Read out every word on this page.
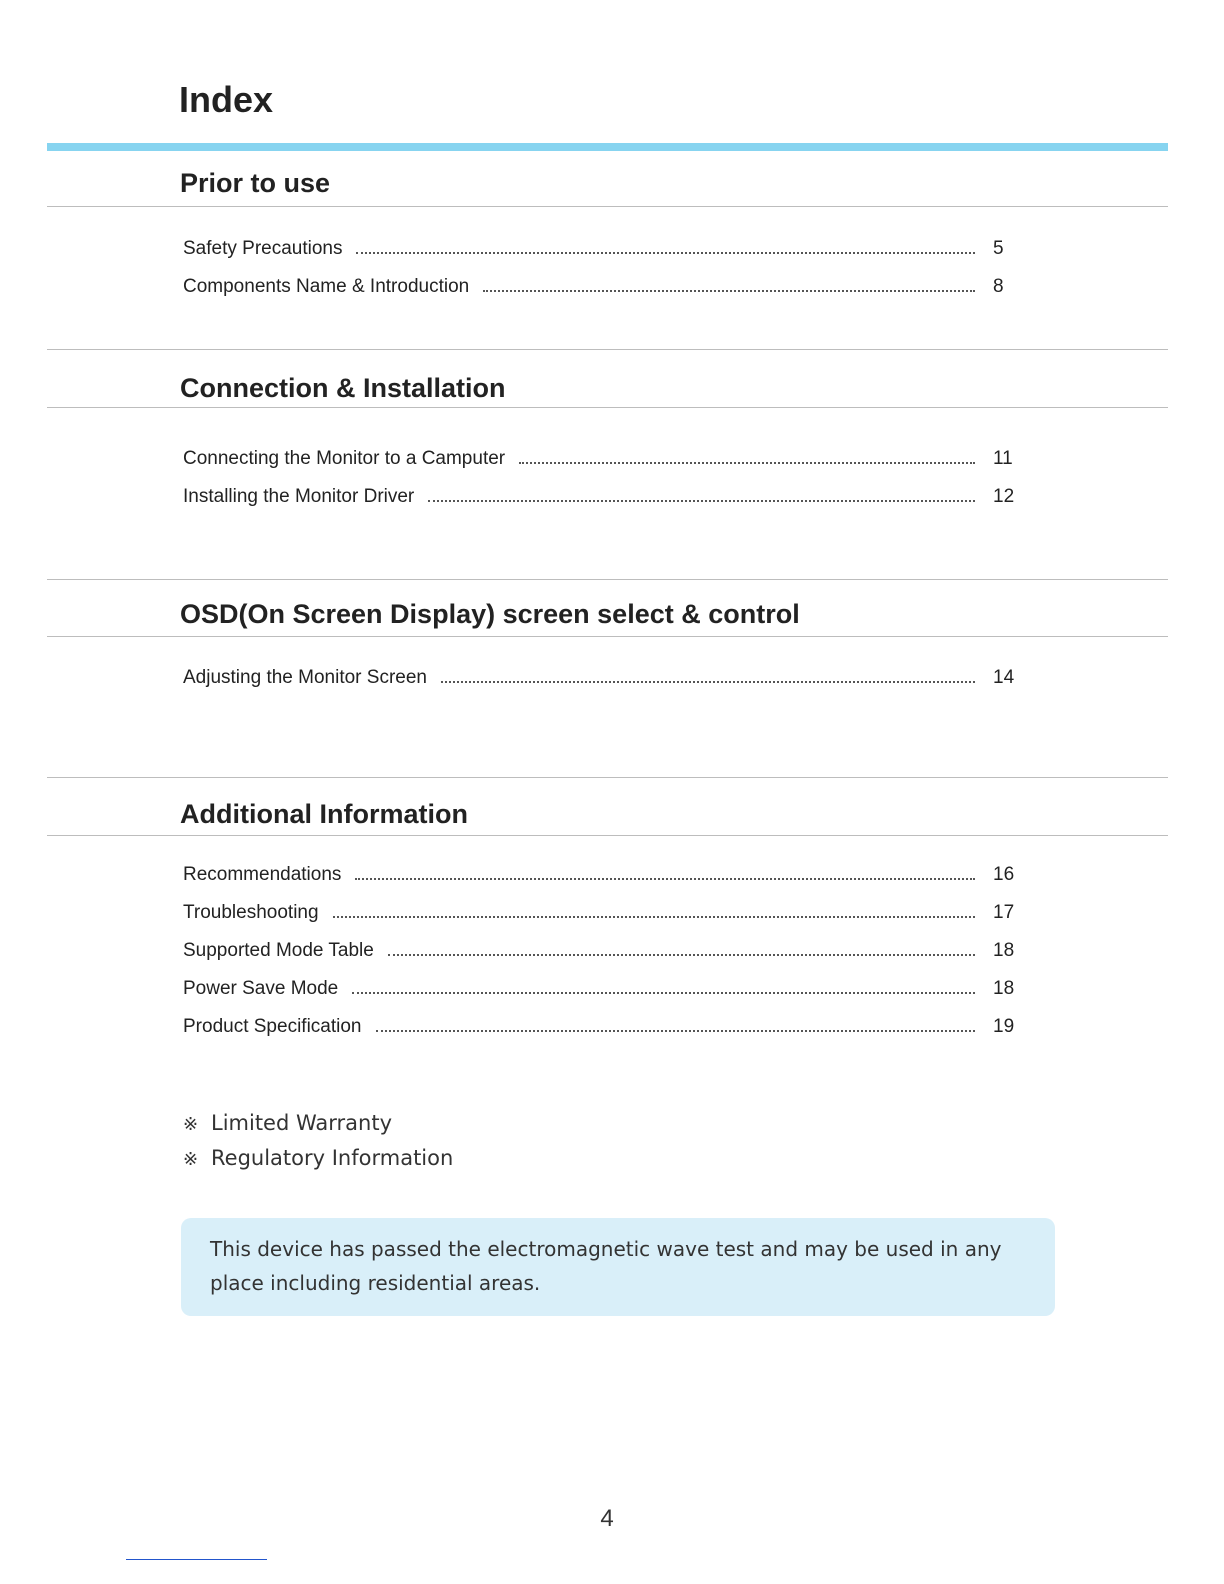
Index
Prior to use
Safety Precautions	5
Components Name & Introduction	8
Connection & Installation
Connecting the Monitor to a Camputer	11
Installing the Monitor Driver	12
OSD(On Screen Display) screen select & control
Adjusting the Monitor Screen	14
Additional Information
Recommendations	16
Troubleshooting	17
Supported Mode Table	18
Power Save Mode	18
Product Specification	19
※ Limited Warranty
※ Regulatory Information
This device has passed the electromagnetic wave test and may be used in any place including residential areas.
4
